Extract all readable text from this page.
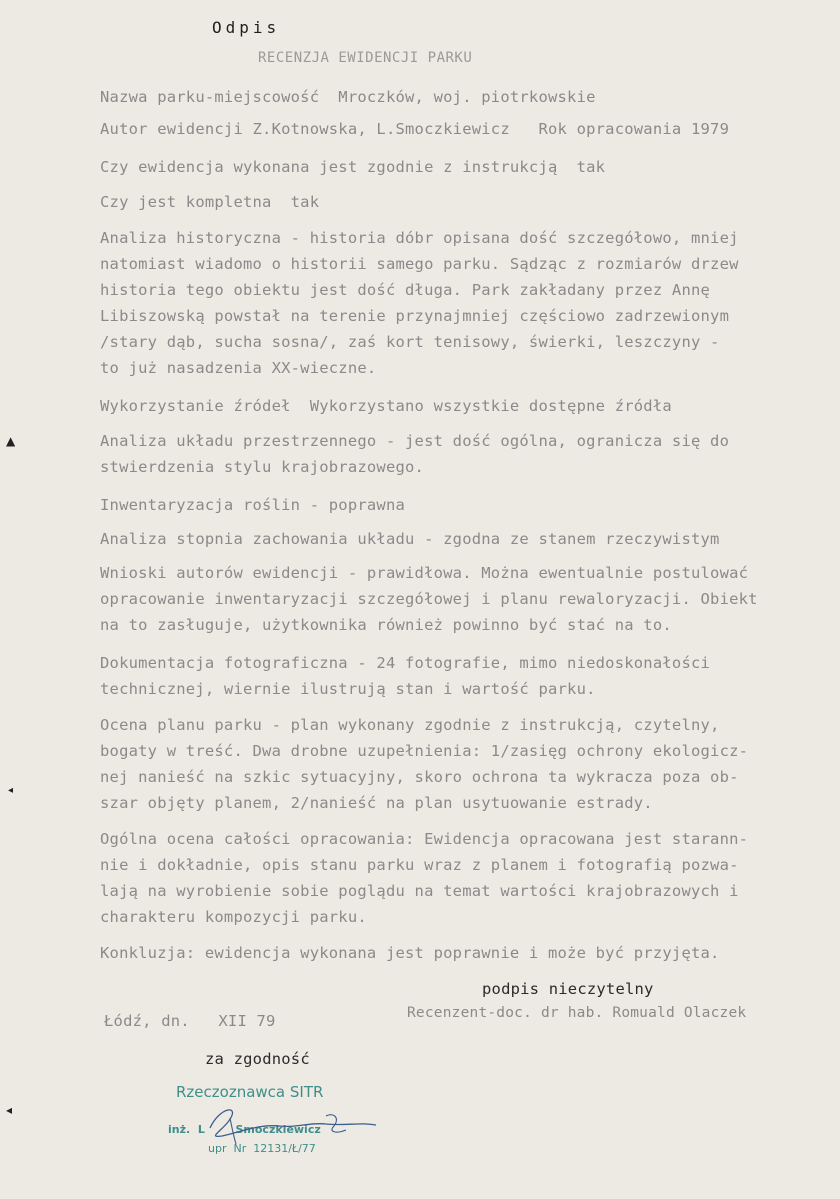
Odpis
RECENZJA EWIDENCJI PARKU
Nazwa parku-miejscowość  Mroczków, woj. piotrkowskie
Autor ewidencji Z.Kotnowska, L.Smoczkiewicz   Rok opracowania 1979
Czy ewidencja wykonana jest zgodnie z instrukcją  tak
Czy jest kompletna  tak
Analiza historyczna - historia dóbr opisana dość szczegółowo, mniej
natomiast wiadomo o historii samego parku. Sądząc z rozmiarów drzew
historia tego obiektu jest dość długa. Park zakładany przez Annę
Libiszowską powstał na terenie przynajmniej częściowo zadrzewionym
/stary dąb, sucha sosna/, zaś kort tenisowy, świerki, leszczyny -
to już nasadzenia XX-wieczne.
Wykorzystanie źródeł  Wykorzystano wszystkie dostępne źródła
Analiza układu przestrzennego - jest dość ogólna, ogranicza się do
stwierdzenia stylu krajobrazowego.
Inwentaryzacja roślin - poprawna
Analiza stopnia zachowania układu - zgodna ze stanem rzeczywistym
Wnioski autorów ewidencji - prawidłowa. Można ewentualnie postulować
opracowanie inwentaryzacji szczegółowej i planu rewaloryzacji. Obiekt
na to zasługuje, użytkownika również powinno być stać na to.
Dokumentacja fotograficzna - 24 fotografie, mimo niedoskonałości
technicznej, wiernie ilustrują stan i wartość parku.
Ocena planu parku - plan wykonany zgodnie z instrukcją, czytelny,
bogaty w treść. Dwa drobne uzupełnienia: 1/zasięg ochrony ekologicz-
nej nanieść na szkic sytuacyjny, skoro ochrona ta wykracza poza ob-
szar objęty planem, 2/nanieść na plan usytuowanie estrady.
Ogólna ocena całości opracowania: Ewidencja opracowana jest starann-
nie i dokładnie, opis stanu parku wraz z planem i fotografią pozwa-
lają na wyrobienie sobie poglądu na temat wartości krajobrazowych i
charakteru kompozycji parku.
Konkluzja: ewidencja wykonana jest poprawnie i może być przyjęta.
podpis nieczytelny
Łódź, dn.   XII 79	Recenzent-doc. dr hab. Romuald Olaczek
za zgodność
Rzeczoznawca SITR
inż.  L        Smoczkiewicz
upr  Nr  12131/Ł/77
▲
◂
◂
